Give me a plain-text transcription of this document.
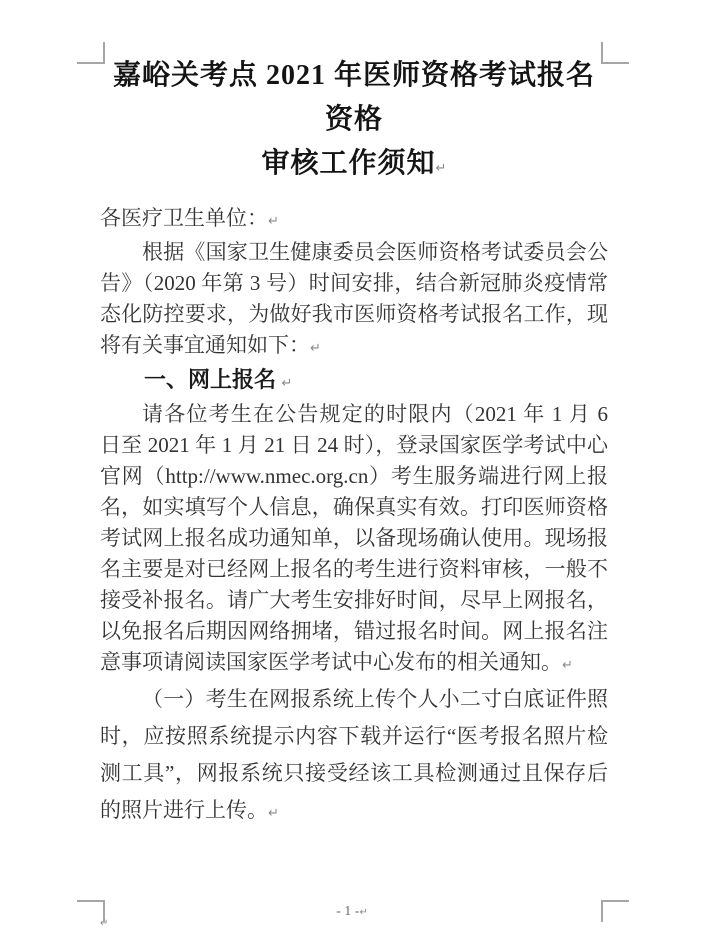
嘉峪关考点 2021 年医师资格考试报名资格
审核工作须知↵

各医疗卫生单位：↵

根据《国家卫生健康委员会医师资格考试委员会公告》（2020 年第 3 号）时间安排，结合新冠肺炎疫情常态化防控要求，为做好我市医师资格考试报名工作，现将有关事宜通知如下：↵

一、网上报名 ↵

请各位考生在公告规定的时限内（2021 年 1 月 6 日至 2021 年 1 月 21 日 24 时），登录国家医学考试中心官网（http://www.nmec.org.cn）考生服务端进行网上报名，如实填写个人信息，确保真实有效。打印医师资格考试网上报名成功通知单，以备现场确认使用。现场报名主要是对已经网上报名的考生进行资料审核，一般不接受补报名。请广大考生安排好时间，尽早上网报名，以免报名后期因网络拥堵，错过报名时间。网上报名注意事项请阅读国家医学考试中心发布的相关通知。↵

（一）考生在网报系统上传个人小二寸白底证件照时，应按照系统提示内容下载并运行“医考报名照片检测工具”，网报系统只接受经该工具检测通过且保存后的照片进行上传。↵

- 1 -↵
↵
